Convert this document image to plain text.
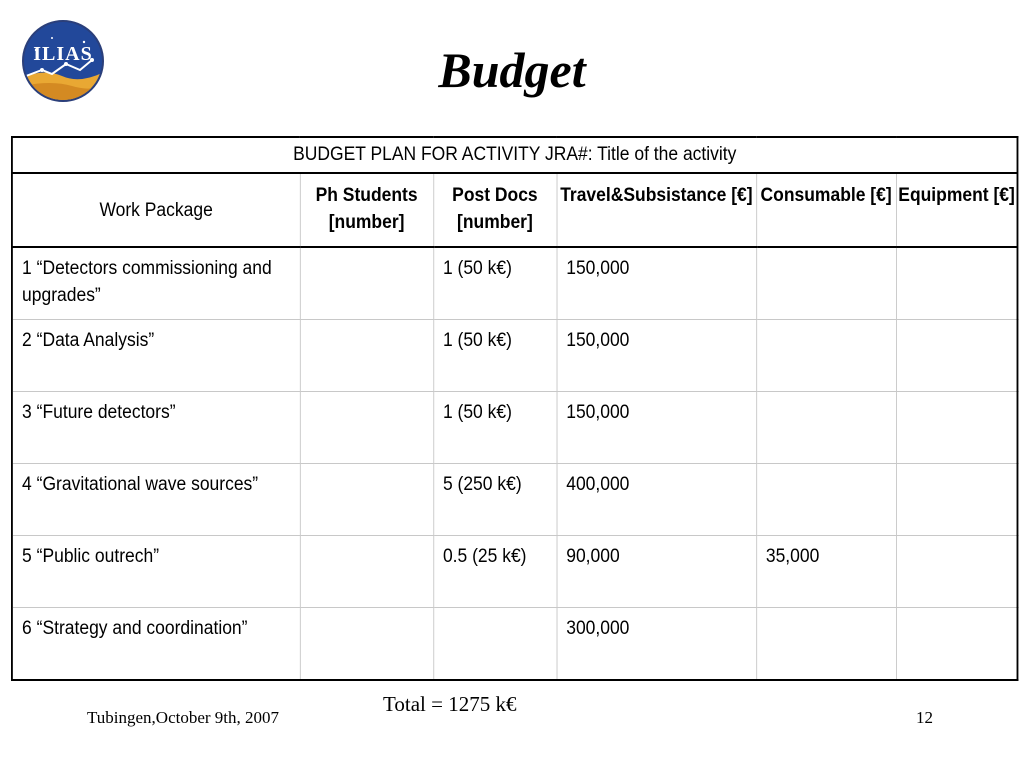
ILIAS	Budget
BUDGET PLAN FOR ACTIVITY JRA#: Title of the activity					
Work Package	Ph Students [number]	Post Docs [number]	Travel&Subsistance [€]	Consumable [€]	Equipment [€]
1 “Detectors commissioning and upgrades”		1 (50 k€)	150,000		
2 “Data Analysis”		1 (50 k€)	150,000		
3 “Future detectors”		1 (50 k€)	150,000		
4 “Gravitational wave sources”		5 (250 k€)	400,000		
5 “Public outrech”		0.5 (25 k€)	90,000	35,000	
6 “Strategy and coordination”			300,000		
Total = 1275 k€
Tubingen,October 9th, 2007	12
